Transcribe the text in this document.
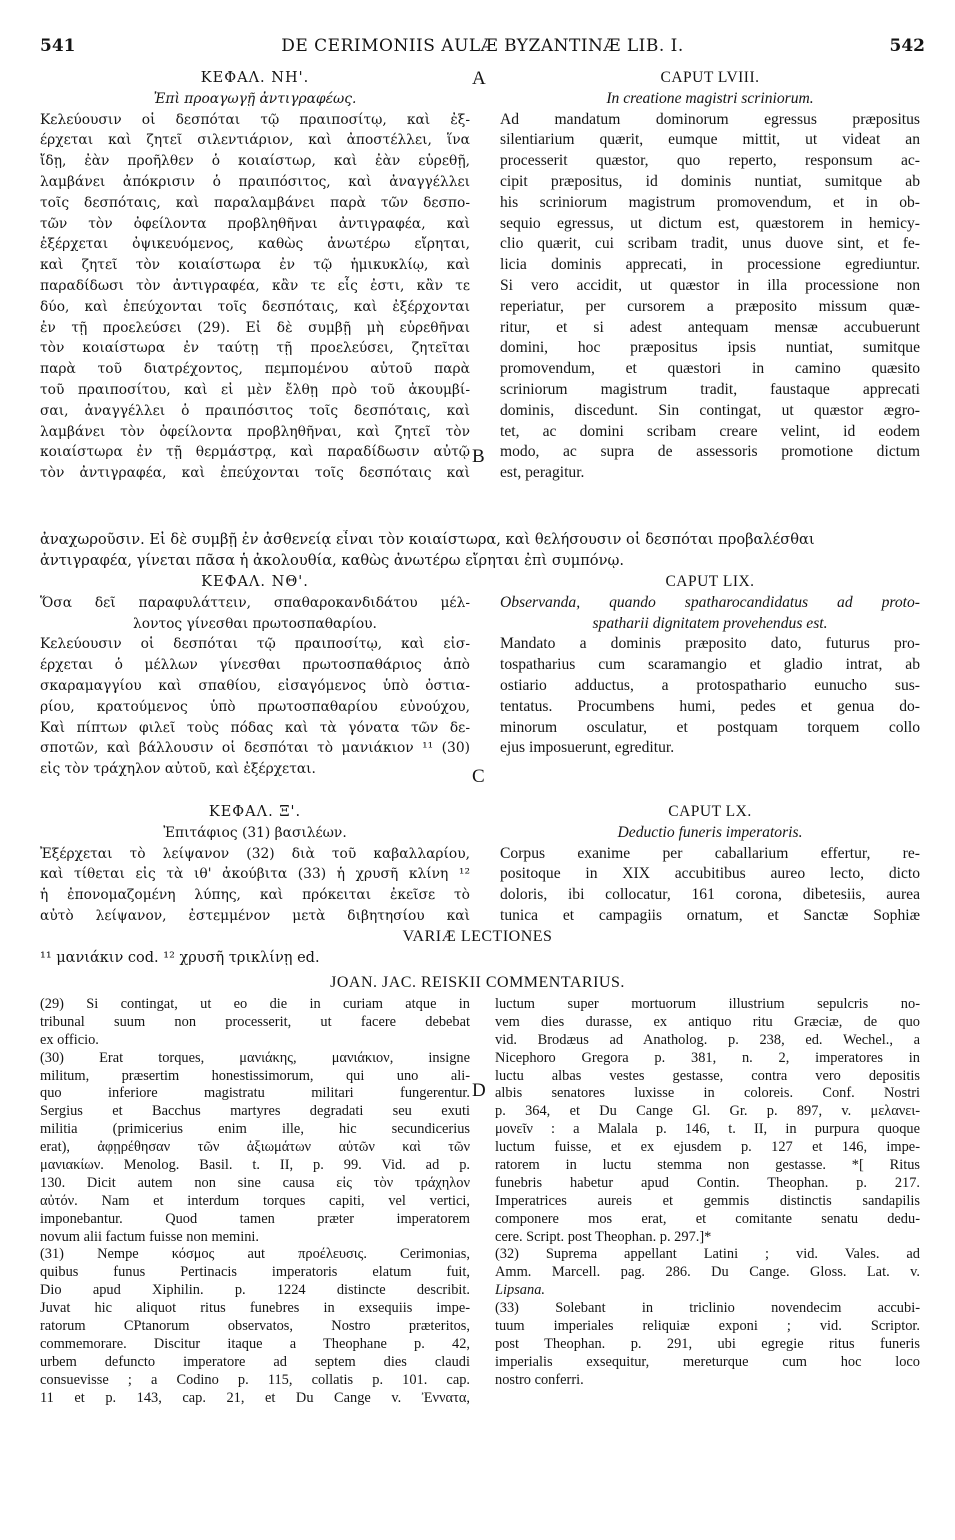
541	DE CERIMONIIS AULÆ BYZANTINÆ LIB. I.	542
A
B
C
D
ΚΕΦΑΛ. ΝΗ'.
Ἐπὶ προαγωγῇ ἀντιγραφέως.
Κελεύουσιν οἱ δεσπόται τῷ πραιποσίτῳ, καὶ ἐξ-
έρχεται καὶ ζητεῖ σιλεντιάριον, καὶ ἀποστέλλει, ἵνα
ἴδῃ, ἐὰν προῆλθεν ὁ κοιαίστωρ, καὶ ἐὰν εὑρεθῇ,
λαμβάνει ἀπόκρισιν ὁ πραιπόσιτος, καὶ ἀναγγέλλει
τοῖς δεσπόταις, καὶ παραλαμβάνει παρὰ τῶν δεσπο-
τῶν τὸν ὀφείλοντα προβληθῆναι ἀντιγραφέα, καὶ
ἐξέρχεται ὀψικευόμενος, καθὼς ἀνωτέρω εἴρηται,
καὶ ζητεῖ τὸν κοιαίστωρα ἐν τῷ ἡμικυκλίῳ, καὶ
παραδίδωσι τὸν ἀντιγραφέα, κἂν τε εἷς ἐστι, κἂν τε
δύο, καὶ ἐπεύχονται τοῖς δεσπόταις, καὶ ἐξέρχονται
ἐν τῇ προελεύσει (29). Εἰ δὲ συμβῇ μὴ εὑρεθῆναι
τὸν κοιαίστωρα ἐν ταύτῃ τῇ προελεύσει, ζητεῖται
παρὰ τοῦ διατρέχοντος, πεμπομένου αὐτοῦ παρὰ
τοῦ πραιποσίτου, καὶ εἰ μὲν ἔλθῃ πρὸ τοῦ ἀκουμβί-
σαι, ἀναγγέλλει ὁ πραιπόσιτος τοῖς δεσπόταις, καὶ
λαμβάνει τὸν ὀφείλοντα προβληθῆναι, καὶ ζητεῖ τὸν
κοιαίστωρα ἐν τῇ θερμάστρᾳ, καὶ παραδίδωσιν αὐτῷ
τὸν ἀντιγραφέα, καὶ ἐπεύχονται τοῖς δεσπόταις καὶ
CAPUT LVIII.
In creatione magistri scriniorum.
Ad mandatum dominorum egressus præpositus
silentiarium quærit, eumque mittit, ut videat an
processerit quæstor, quo reperto, responsum ac-
cipit præpositus, id dominis nuntiat, sumitque ab
his scriniorum magistrum promovendum, et in ob-
sequio egressus, ut dictum est, quæstorem in hemicy-
clio quærit, cui scribam tradit, unus duove sint, et fe-
licia dominis apprecati, in processione egrediuntur.
Si vero accidit, ut quæstor in illa processione non
reperiatur, per cursorem a præposito missum quæ-
ritur, et si adest antequam mensæ accubuerunt
domini, hoc præpositus ipsis nuntiat, sumitque
promovendum, et quæstori in camino quæsito
scriniorum magistrum tradit, faustaque apprecati
dominis, discedunt. Sin contingat, ut quæstor ægro-
tet, ac domini scribam creare velint, id eodem
modo, ac supra de assessoris promotione dictum
est, peragitur.
ἀναχωροῦσιν. Εἰ δὲ συμβῇ ἐν ἀσθενείᾳ εἶναι τὸν κοιαίστωρα, καὶ θελήσουσιν οἱ δεσπόται προβαλέσθαι
ἀντιγραφέα, γίνεται πᾶσα ἡ ἀκολουθία, καθὼς ἀνωτέρω εἴρηται ἐπὶ συμπόνῳ.
ΚΕΦΑΛ. ΝΘ'.
Ὅσα δεῖ παραφυλάττειν, σπαθαροκανδιδάτου μέλ-
λοντος γίνεσθαι πρωτοσπαθαρίου.
Κελεύουσιν οἱ δεσπόται τῷ πραιποσίτῳ, καὶ εἰσ-
έρχεται ὁ μέλλων γίνεσθαι πρωτοσπαθάριος ἀπὸ
σκαραμαγγίου καὶ σπαθίου, εἰσαγόμενος ὑπὸ ὀστια-
ρίου, κρατούμενος ὑπὸ πρωτοσπαθαρίου εὐνούχου,
Καὶ πίπτων φιλεῖ τοὺς πόδας καὶ τὰ γόνατα τῶν δε-
σποτῶν, καὶ βάλλουσιν οἱ δεσπόται τὸ μανιάκιον ¹¹ (30)
εἰς τὸν τράχηλον αὐτοῦ, καὶ ἐξέρχεται.
CAPUT LIX.
Observanda, quando spatharocandidatus ad proto-
spatharii dignitatem provehendus est.
Mandato a dominis præposito dato, futurus pro-
tospatharius cum scaramangio et gladio intrat, ab
ostiario adductus, a protospathario eunucho sus-
tentatus. Procumbens humi, pedes et genua do-
minorum osculatur, et postquam torquem collo
ejus imposuerunt, egreditur.
ΚΕΦΑΛ. Ξ'.
Ἐπιτάφιος (31) βασιλέων.
Ἐξέρχεται τὸ λείψανον (32) διὰ τοῦ καβαλλαρίου,
καὶ τίθεται εἰς τὰ ιθ' ἀκούβιτα (33) ἡ χρυσῆ κλίνη ¹²
ἡ ἐπονομαζομένη λύπης, καὶ πρόκειται ἐκεῖσε τὸ
αὐτὸ λείψανον, ἐστεμμένον μετὰ διβητησίου καὶ
CAPUT LX.
Deductio funeris imperatoris.
Corpus exanime per caballarium effertur, re-
positoque in XIX accubitibus aureo lecto, dicto
doloris, ibi collocatur, 161 corona, dibetesiis, aurea
tunica et campagiis ornatum, et Sanctæ Sophiæ
VARIÆ LECTIONES
¹¹ μανιάκιν cod. ¹² χρυσῆ τρικλίνῃ ed.
JOAN. JAC. REISKII COMMENTARIUS.
(29) Si contingat, ut eo die in curiam atque in
tribunal suum non processerit, ut facere debebat
ex officio.
(30) Erat torques, μανιάκης, μανιάκιον, insigne
militum, præsertim honestissimorum, qui uno ali-
quo inferiore magistratu militari fungerentur.
Sergius et Bacchus martyres degradati seu exuti
militia (primicerius enim ille, hic secundicerius
erat), ἀφῃρέθησαν τῶν ἀξιωμάτων αὐτῶν καὶ τῶν
μανιακίων. Menolog. Basil. t. II, p. 99. Vid. ad p.
130. Dicit autem non sine causa εἰς τὸν τράχηλον
αὐτόν. Nam et interdum torques capiti, vel vertici,
imponebantur. Quod tamen præter imperatorem
novum alii factum fuisse non memini.
(31) Nempe κόσμος aut προέλευσις. Cerimonias,
quibus funus Pertinacis imperatoris elatum fuit,
Dio apud Xiphilin. p. 1224 distincte describit.
Juvat hic aliquot ritus funebres in exsequiis impe-
ratorum CPtanorum observatos, Nostro præteritos,
commemorare. Discitur itaque a Theophane p. 42,
urbem defuncto imperatore ad septem dies claudi
consuevisse ; a Codino p. 115, collatis p. 101. cap.
11 et p. 143, cap. 21, et Du Cange v. Ἐννατα,
luctum super mortuorum illustrium sepulcris no-
vem dies durasse, ex antiquo ritu Græciæ, de quo
vid. Brodæus ad Anatholog. p. 238, ed. Wechel., a
Nicephoro Gregora p. 381, n. 2, imperatores in
luctu albas vestes gestasse, contra vero depositis
albis senatores luxisse in coloreis. Conf. Nostri
p. 364, et Du Cange Gl. Gr. p. 897, v. μελανει-
μονεῖν : a Malala p. 146, t. II, in purpura quoque
luctum fuisse, et ex ejusdem p. 127 et 146, impe-
ratorem in luctu stemma non gestasse. *[ Ritus
funebris habetur apud Contin. Theophan. p. 217.
Imperatrices aureis et gemmis distinctis sandapilis
componere mos erat, et comitante senatu dedu-
cere. Script. post Theophan. p. 297.]*
(32) Suprema appellant Latini ; vid. Vales. ad
Amm. Marcell. pag. 286. Du Cange. Gloss. Lat. v.
Lipsana.
(33) Solebant in triclinio novendecim accubi-
tuum imperiales reliquiæ exponi ; vid. Scriptor.
post Theophan. p. 291, ubi egregie ritus funeris
imperialis exsequitur, mereturque cum hoc loco
nostro conferri.
